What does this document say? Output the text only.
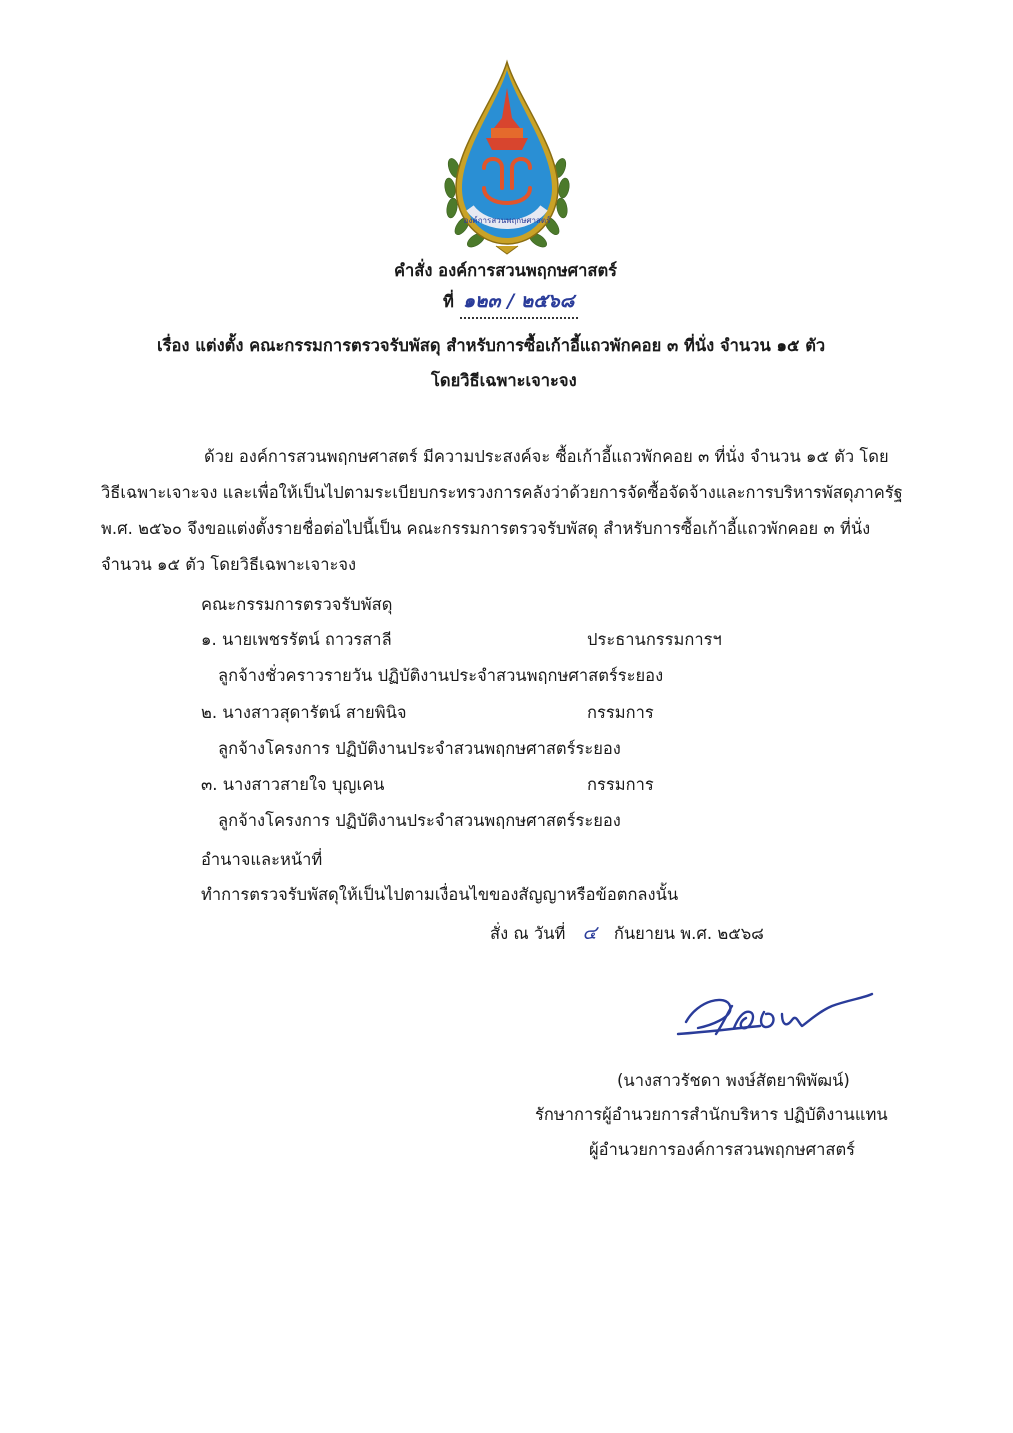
องค์การสวนพฤกษศาสตร์
คำสั่ง องค์การสวนพฤกษศาสตร์
ที่ ๑๒๓ / ๒๕๖๘
เรื่อง แต่งตั้ง คณะกรรมการตรวจรับพัสดุ สำหรับการซื้อเก้าอี้แถวพักคอย ๓ ที่นั่ง จำนวน ๑๕ ตัว
โดยวิธีเฉพาะเจาะจง
ด้วย องค์การสวนพฤกษศาสตร์ มีความประสงค์จะ ซื้อเก้าอี้แถวพักคอย ๓ ที่นั่ง จำนวน ๑๕ ตัว โดย
วิธีเฉพาะเจาะจง และเพื่อให้เป็นไปตามระเบียบกระทรวงการคลังว่าด้วยการจัดซื้อจัดจ้างและการบริหารพัสดุภาครัฐ
พ.ศ. ๒๕๖๐ จึงขอแต่งตั้งรายชื่อต่อไปนี้เป็น คณะกรรมการตรวจรับพัสดุ สำหรับการซื้อเก้าอี้แถวพักคอย ๓ ที่นั่ง
จำนวน ๑๕ ตัว โดยวิธีเฉพาะเจาะจง
คณะกรรมการตรวจรับพัสดุ
๑. นายเพชรรัตน์ ถาวรสาลี	ประธานกรรมการฯ
ลูกจ้างชั่วคราวรายวัน ปฏิบัติงานประจำสวนพฤกษศาสตร์ระยอง
๒. นางสาวสุดารัตน์ สายพินิจ	กรรมการ
ลูกจ้างโครงการ ปฏิบัติงานประจำสวนพฤกษศาสตร์ระยอง
๓. นางสาวสายใจ บุญเคน	กรรมการ
ลูกจ้างโครงการ ปฏิบัติงานประจำสวนพฤกษศาสตร์ระยอง
อำนาจและหน้าที่
ทำการตรวจรับพัสดุให้เป็นไปตามเงื่อนไขของสัญญาหรือข้อตกลงนั้น
สั่ง ณ วันที่ ๔ กันยายน พ.ศ. ๒๕๖๘
(นางสาวรัชดา พงษ์สัตยาพิพัฒน์)
รักษาการผู้อำนวยการสำนักบริหาร ปฏิบัติงานแทน
ผู้อำนวยการองค์การสวนพฤกษศาสตร์
